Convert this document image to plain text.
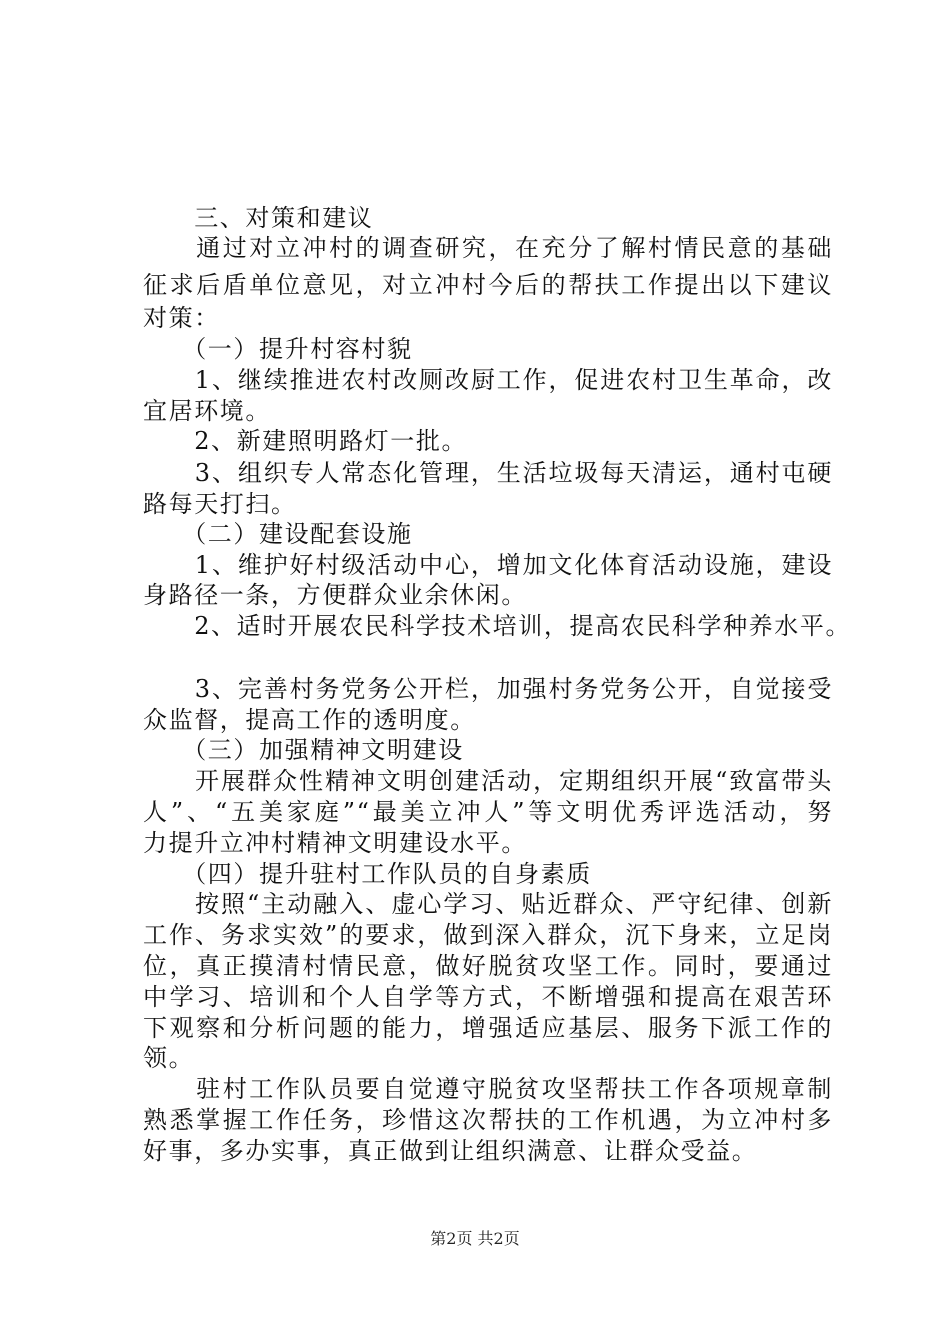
　　三、对策和建议
　　通过对立冲村的调查研究，在充分了解村情民意的基础
征求后盾单位意见，对立冲村今后的帮扶工作提出以下建议
对策：
　　（一）提升村容村貌
　　1、继续推进农村改厕改厨工作，促进农村卫生革命，改
宜居环境。
　　2、新建照明路灯一批。
　　3、组织专人常态化管理，生活垃圾每天清运，通村屯硬
路每天打扫。
　　（二）建设配套设施
　　1、维护好村级活动中心，增加文化体育活动设施，建设
身路径一条，方便群众业余休闲。
　　2、适时开展农民科学技术培训，提高农民科学种养水平。
　　3、完善村务党务公开栏，加强村务党务公开，自觉接受
众监督，提高工作的透明度。
　　（三）加强精神文明建设
　　开展群众性精神文明创建活动，定期组织开展“致富带头
人”、“五美家庭”“最美立冲人”等文明优秀评选活动，努
力提升立冲村精神文明建设水平。
　　（四）提升驻村工作队员的自身素质
　　按照“主动融入、虚心学习、贴近群众、严守纪律、创新
工作、务求实效”的要求，做到深入群众，沉下身来，立足岗
位，真正摸清村情民意，做好脱贫攻坚工作。同时，要通过
中学习、培训和个人自学等方式，不断增强和提高在艰苦环
下观察和分析问题的能力，增强适应基层、服务下派工作的
领。
　　驻村工作队员要自觉遵守脱贫攻坚帮扶工作各项规章制
熟悉掌握工作任务，珍惜这次帮扶的工作机遇，为立冲村多
好事，多办实事，真正做到让组织满意、让群众受益。
第2页 共2页
